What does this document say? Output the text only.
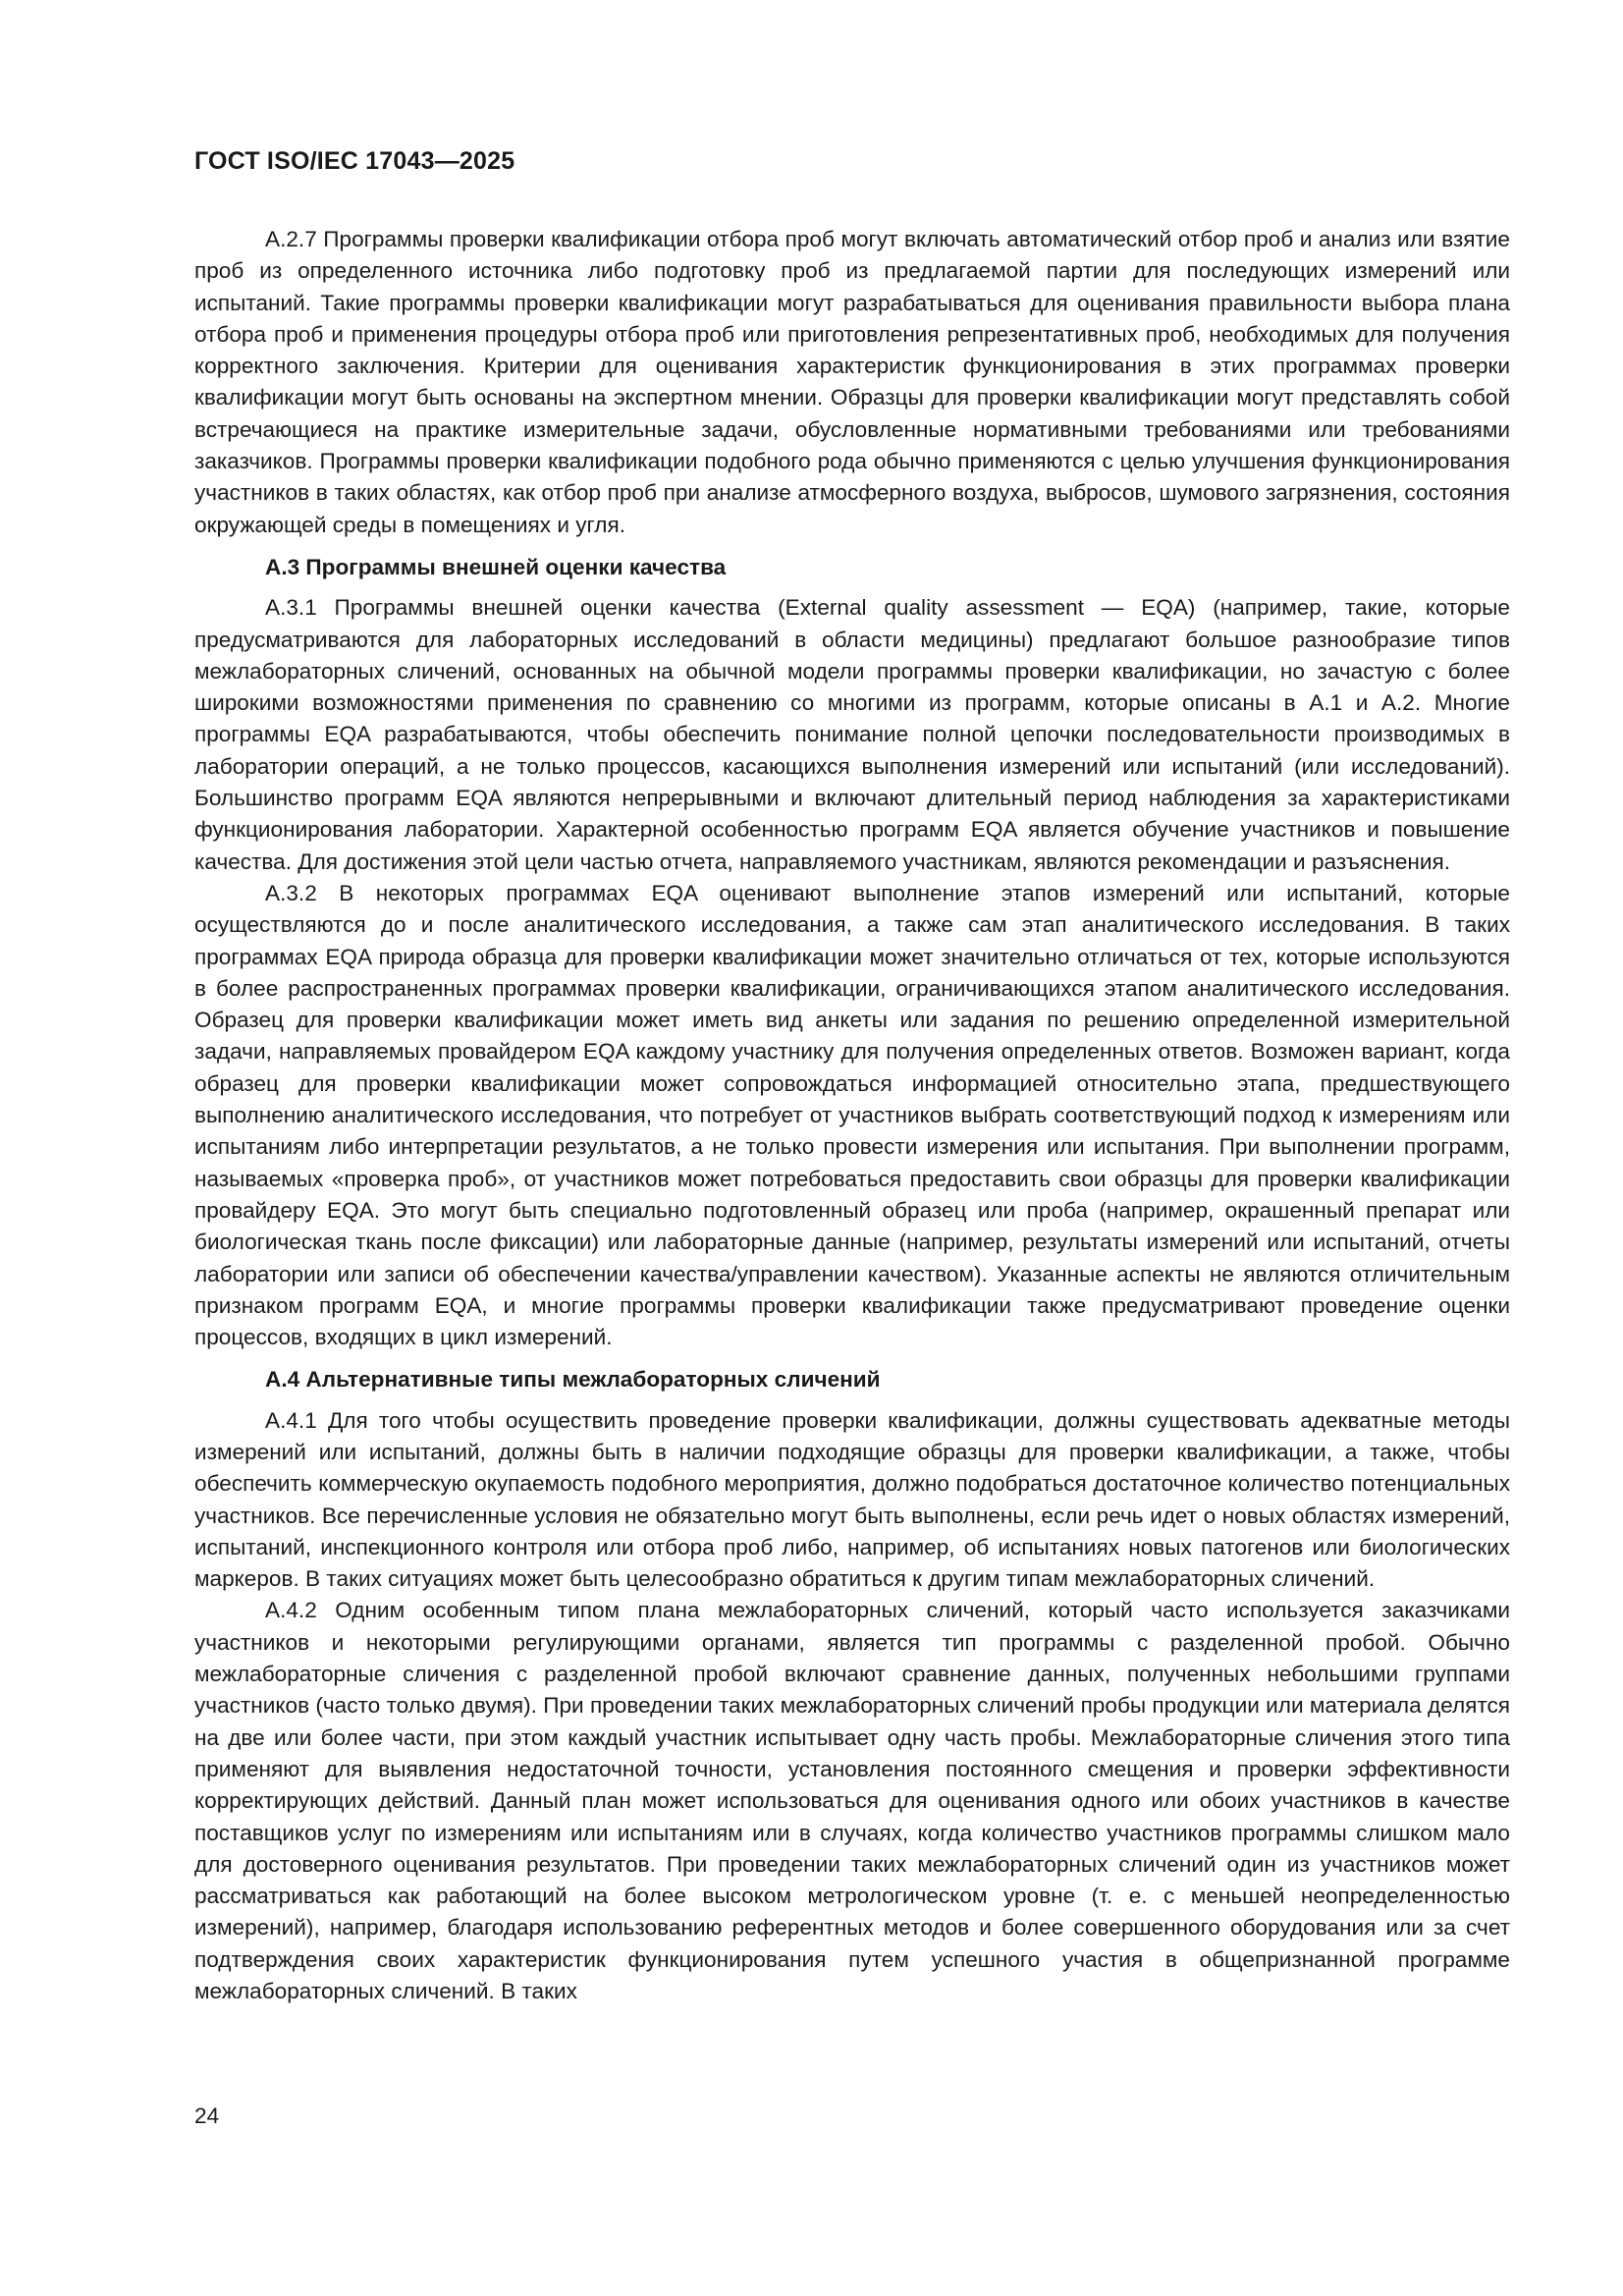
ГОСТ ISO/IEC 17043—2025

А.2.7 Программы проверки квалификации отбора проб могут включать автоматический отбор проб и анализ или взятие проб из определенного источника либо подготовку проб из предлагаемой партии для последующих измерений или испытаний. Такие программы проверки квалификации могут разрабатываться для оценивания правильности выбора плана отбора проб и применения процедуры отбора проб или приготовления репрезентативных проб, необходимых для получения корректного заключения. Критерии для оценивания характеристик функционирования в этих программах проверки квалификации могут быть основаны на экспертном мнении. Образцы для проверки квалификации могут представлять собой встречающиеся на практике измерительные задачи, обусловленные нормативными требованиями или требованиями заказчиков. Программы проверки квалификации подобного рода обычно применяются с целью улучшения функционирования участников в таких областях, как отбор проб при анализе атмосферного воздуха, выбросов, шумового загрязнения, состояния окружающей среды в помещениях и угля.

А.3 Программы внешней оценки качества

А.3.1 Программы внешней оценки качества (External quality assessment — EQA) (например, такие, которые предусматриваются для лабораторных исследований в области медицины) предлагают большое разнообразие типов межлабораторных сличений, основанных на обычной модели программы проверки квалификации, но зачастую с более широкими возможностями применения по сравнению со многими из программ, которые описаны в А.1 и А.2. Многие программы EQA разрабатываются, чтобы обеспечить понимание полной цепочки последовательности производимых в лаборатории операций, а не только процессов, касающихся выполнения измерений или испытаний (или исследований). Большинство программ EQA являются непрерывными и включают длительный период наблюдения за характеристиками функционирования лаборатории. Характерной особенностью программ EQA является обучение участников и повышение качества. Для достижения этой цели частью отчета, направляемого участникам, являются рекомендации и разъяснения.

А.3.2 В некоторых программах EQA оценивают выполнение этапов измерений или испытаний, которые осуществляются до и после аналитического исследования, а также сам этап аналитического исследования. В таких программах EQA природа образца для проверки квалификации может значительно отличаться от тех, которые используются в более распространенных программах проверки квалификации, ограничивающихся этапом аналитического исследования. Образец для проверки квалификации может иметь вид анкеты или задания по решению определенной измерительной задачи, направляемых провайдером EQA каждому участнику для получения определенных ответов. Возможен вариант, когда образец для проверки квалификации может сопровождаться информацией относительно этапа, предшествующего выполнению аналитического исследования, что потребует от участников выбрать соответствующий подход к измерениям или испытаниям либо интерпретации результатов, а не только провести измерения или испытания. При выполнении программ, называемых «проверка проб», от участников может потребоваться предоставить свои образцы для проверки квалификации провайдеру EQA. Это могут быть специально подготовленный образец или проба (например, окрашенный препарат или биологическая ткань после фиксации) или лабораторные данные (например, результаты измерений или испытаний, отчеты лаборатории или записи об обеспечении качества/управлении качеством). Указанные аспекты не являются отличительным признаком программ EQA, и многие программы проверки квалификации также предусматривают проведение оценки процессов, входящих в цикл измерений.

А.4 Альтернативные типы межлабораторных сличений

А.4.1 Для того чтобы осуществить проведение проверки квалификации, должны существовать адекватные методы измерений или испытаний, должны быть в наличии подходящие образцы для проверки квалификации, а также, чтобы обеспечить коммерческую окупаемость подобного мероприятия, должно подобраться достаточное количество потенциальных участников. Все перечисленные условия не обязательно могут быть выполнены, если речь идет о новых областях измерений, испытаний, инспекционного контроля или отбора проб либо, например, об испытаниях новых патогенов или биологических маркеров. В таких ситуациях может быть целесообразно обратиться к другим типам межлабораторных сличений.

А.4.2 Одним особенным типом плана межлабораторных сличений, который часто используется заказчиками участников и некоторыми регулирующими органами, является тип программы с разделенной пробой. Обычно межлабораторные сличения с разделенной пробой включают сравнение данных, полученных небольшими группами участников (часто только двумя). При проведении таких межлабораторных сличений пробы продукции или материала делятся на две или более части, при этом каждый участник испытывает одну часть пробы. Межлабораторные сличения этого типа применяют для выявления недостаточной точности, установления постоянного смещения и проверки эффективности корректирующих действий. Данный план может использоваться для оценивания одного или обоих участников в качестве поставщиков услуг по измерениям или испытаниям или в случаях, когда количество участников программы слишком мало для достоверного оценивания результатов. При проведении таких межлабораторных сличений один из участников может рассматриваться как работающий на более высоком метрологическом уровне (т. е. с меньшей неопределенностью измерений), например, благодаря использованию референтных методов и более совершенного оборудования или за счет подтверждения своих характеристик функционирования путем успешного участия в общепризнанной программе межлабораторных сличений. В таких

24
